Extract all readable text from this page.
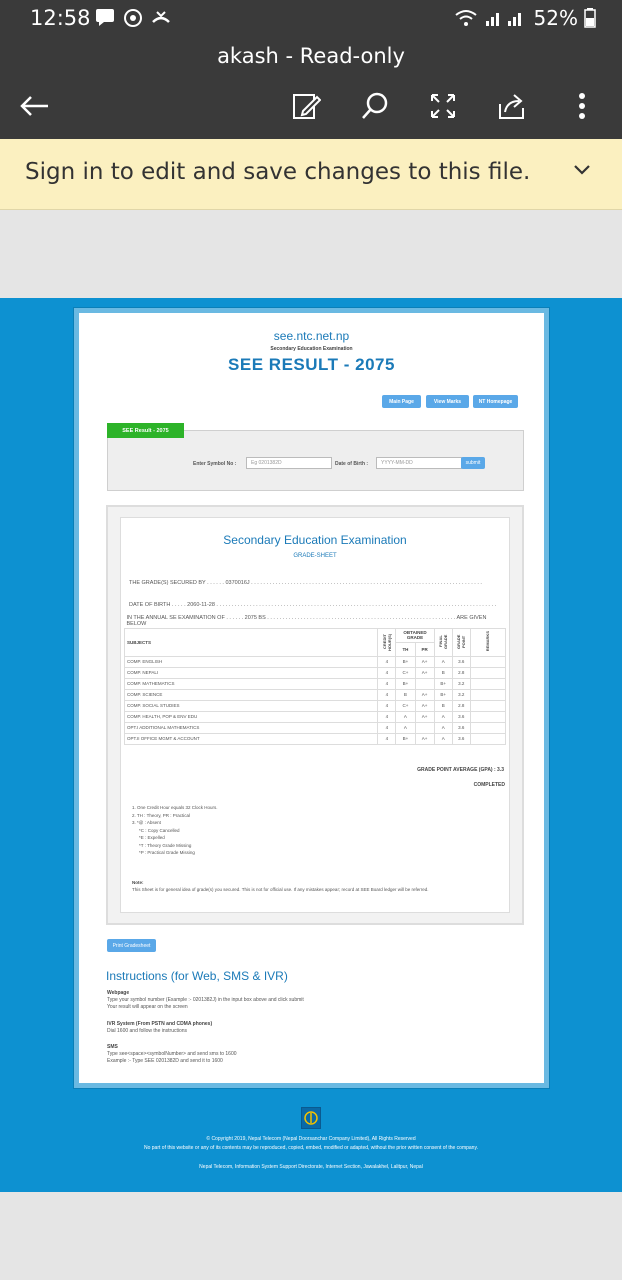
12:58	52%
akash - Read-only
Sign in to edit and save changes to this file.
see.ntc.net.np
Secondary Education Examination
SEE RESULT - 2075
Main Page	View Marks	NT Homepage
Enter Symbol No :	Eg 0201382D	Date of Birth :	YYYY-MM-DD	submit
SEE Result - 2075
Secondary Education Examination
GRADE-SHEET
THE GRADE(S) SECURED BY . . . . . . 0370016J . . . . . . . . . . . . . . . . . . . . . . . . . . . . . . . . . . . . . . . . . . . . . . . . . . . . . . . . . . . . . . . . . . . . . . . . . . . .
DATE OF BIRTH . . . . . 2060-11-28 . . . . . . . . . . . . . . . . . . . . . . . . . . . . . . . . . . . . . . . . . . . . . . . . . . . . . . . . . . . . . . . . . . . . . . . . . . . . . . . . . . . . . . . . . . . .
IN THE ANNUAL SE EXAMINATION OF . . . . . . 2075 BS . . . . . . . . . . . . . . . . . . . . . . . . . . . . . . . . . . . . . . . . . . . . . . . . . . . . . . . . . . . . . . ARE GIVEN BELOW						
SUBJECTS	CREDIT HOUR(S)	OBTAINED GRADE		FINAL GRADE	GRADE POINT	REMARKS
		TH	PR			
COMP. ENGLISH	4	B+	A+	A	3.6	
COMP. NEPALI	4	C+	A+	B	2.8	
COMP. MATHEMATICS	4	B+		B+	3.2	
COMP. SCIENCE	4	B	A+	B+	3.2	
COMP. SOCIAL STUDIES	4	C+	A+	B	2.8	
COMP. HEALTH, POP & ENV EDU	4	A	A+	A	3.6	
OPT.I ADDITIONAL MATHEMATICS	4	A		A	3.6	
OPT.II OFFICE MGMT & ACCOUNT	4	B+	A+	A	3.6	
GRADE POINT AVERAGE (GPA) : 3.3
COMPLETED
1. One Credit Hour equals 32 Clock Hours.
2. TH : Theory, PR : Practical
3. *@ : Absent
*C : Copy Cancelled
*E : Expelled
*T : Theory Grade Missing
*P : Practical Grade Missing
Note:
This Sheet is for general idea of grade(s) you secured. This is not for official use. If any mistakes appear; record at SEE Board ledger will be referred.
Print Gradesheet
Instructions (for Web, SMS & IVR)
Webpage
Type your symbol number (Example :- 0201382J) in the input box above and click submit
Your result will appear on the screen
IVR System (From PSTN and CDMA phones)
Dial 1600 and follow the instructions
SMS
Type see<space><symbolNumber> and send sms to 1600
Example :- Type SEE 0201382D and send it to 1600
© Copyright 2019, Nepal Telecom (Nepal Doorsanchar Company Limited), All Rights Reserved
No part of this website or any of its contents may be reproduced, copied, embed, modified or adapted, without the prior written consent of the company.
Nepal Telecom, Information System Support Directorate, Internet Section, Jawalakhel, Lalitpur, Nepal
